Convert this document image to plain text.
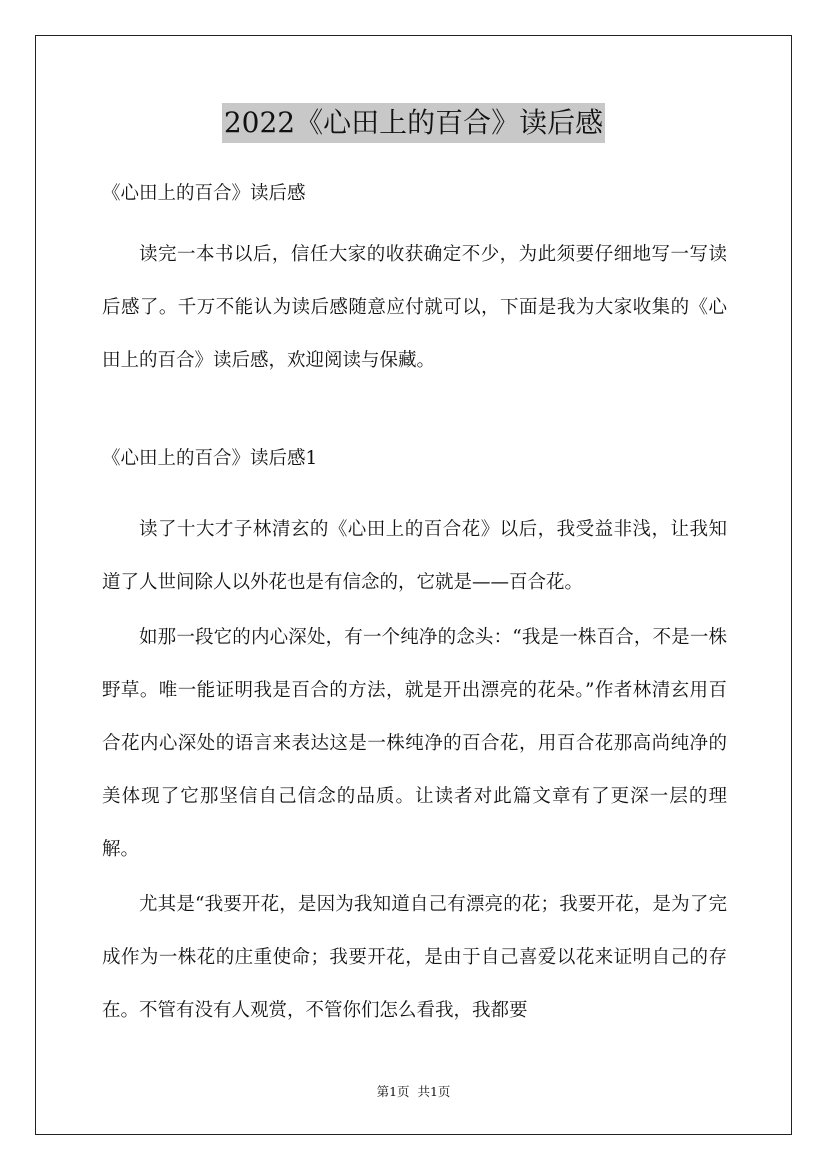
2022《心田上的百合》读后感
《心田上的百合》读后感

读完一本书以后，信任大家的收获确定不少，为此须要仔细地写一写读后感了。千万不能认为读后感随意应付就可以，下面是我为大家收集的《心田上的百合》读后感，欢迎阅读与保藏。

《心田上的百合》读后感1

读了十大才子林清玄的《心田上的百合花》以后，我受益非浅，让我知道了人世间除人以外花也是有信念的，它就是——百合花。

如那一段它的内心深处，有一个纯净的念头：“我是一株百合，不是一株野草。唯一能证明我是百合的方法，就是开出漂亮的花朵。”作者林清玄用百合花内心深处的语言来表达这是一株纯净的百合花，用百合花那高尚纯净的美体现了它那坚信自己信念的品质。让读者对此篇文章有了更深一层的理解。

尤其是“我要开花，是因为我知道自己有漂亮的花；我要开花，是为了完成作为一株花的庄重使命；我要开花，是由于自己喜爱以花来证明自己的存在。不管有没有人观赏，不管你们怎么看我，我都要

第1页  共1页
